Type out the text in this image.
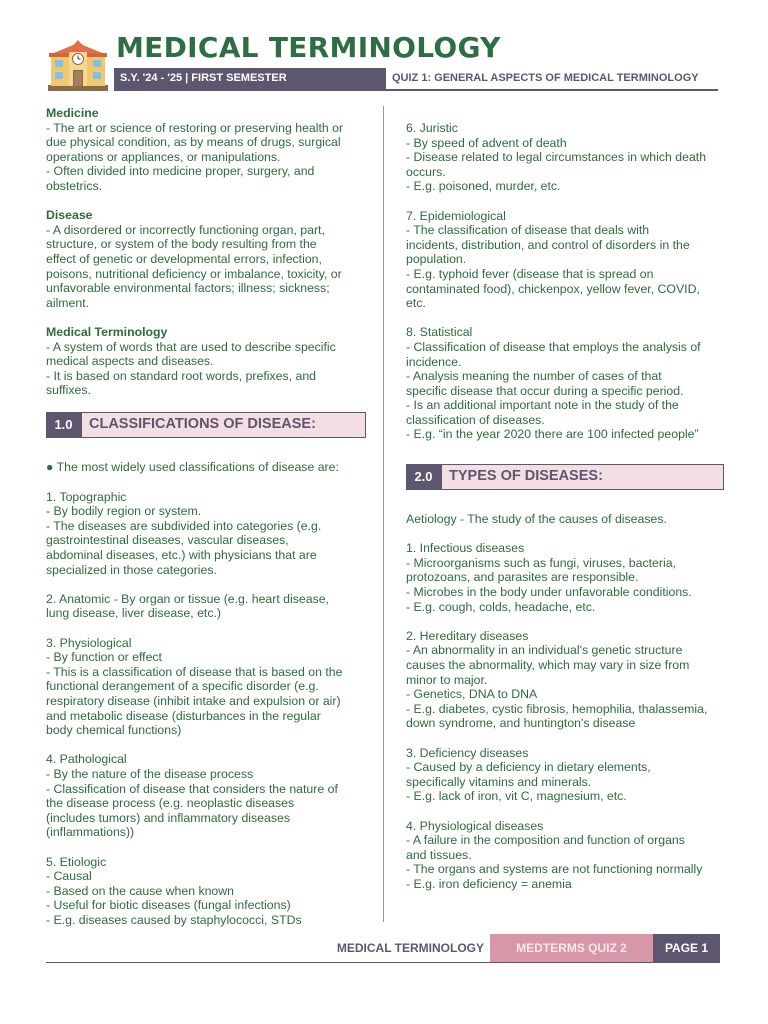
MEDICAL TERMINOLOGY
S.Y. '24 - '25 | FIRST SEMESTER	QUIZ 1: GENERAL ASPECTS OF MEDICAL TERMINOLOGY
Medicine
- The art or science of restoring or preserving health or
due physical condition, as by means of drugs, surgical
operations or appliances, or manipulations.
- Often divided into medicine proper, surgery, and
obstetrics.
Disease
- A disordered or incorrectly functioning organ, part,
structure, or system of the body resulting from the
effect of genetic or developmental errors, infection,
poisons, nutritional deficiency or imbalance, toxicity, or
unfavorable environmental factors; illness; sickness;
ailment.
Medical Terminology
- A system of words that are used to describe specific
medical aspects and diseases.
- It is based on standard root words, prefixes, and
suffixes.
1.0	CLASSIFICATIONS OF DISEASE:
● The most widely used classifications of disease are:
1. Topographic
- By bodily region or system.
- The diseases are subdivided into categories (e.g.
gastrointestinal diseases, vascular diseases,
abdominal diseases, etc.) with physicians that are
specialized in those categories.
2. Anatomic - By organ or tissue (e.g. heart disease,
lung disease, liver disease, etc.)
3. Physiological
- By function or effect
- This is a classification of disease that is based on the
functional derangement of a specific disorder (e.g.
respiratory disease (inhibit intake and expulsion or air)
and metabolic disease (disturbances in the regular
body chemical functions)
4. Pathological
- By the nature of the disease process
- Classification of disease that considers the nature of
the disease process (e.g. neoplastic diseases
(includes tumors) and inflammatory diseases
(inflammations))
5. Etiologic
- Causal
- Based on the cause when known
- Useful for biotic diseases (fungal infections)
- E.g. diseases caused by staphylococci, STDs
6. Juristic
- By speed of advent of death
- Disease related to legal circumstances in which death
occurs.
- E.g. poisoned, murder, etc.
7. Epidemiological
- The classification of disease that deals with
incidents, distribution, and control of disorders in the
population.
- E.g. typhoid fever (disease that is spread on
contaminated food), chickenpox, yellow fever, COVID,
etc.
8. Statistical
- Classification of disease that employs the analysis of
incidence.
- Analysis meaning the number of cases of that
specific disease that occur during a specific period.
- Is an additional important note in the study of the
classification of diseases.
- E.g. “in the year 2020 there are 100 infected people”
2.0	TYPES OF DISEASES:
Aetiology - The study of the causes of diseases.
1. Infectious diseases
- Microorganisms such as fungi, viruses, bacteria,
protozoans, and parasites are responsible.
- Microbes in the body under unfavorable conditions.
- E.g. cough, colds, headache, etc.
2. Hereditary diseases
- An abnormality in an individual's genetic structure
causes the abnormality, which may vary in size from
minor to major.
- Genetics, DNA to DNA
- E.g. diabetes, cystic fibrosis, hemophilia, thalassemia,
down syndrome, and huntington's disease
3. Deficiency diseases
- Caused by a deficiency in dietary elements,
specifically vitamins and minerals.
- E.g. lack of iron, vit C, magnesium, etc.
4. Physiological diseases
- A failure in the composition and function of organs
and tissues.
- The organs and systems are not functioning normally
- E.g. iron deficiency = anemia
MEDICAL TERMINOLOGY	MEDTERMS QUIZ 2	PAGE 1
